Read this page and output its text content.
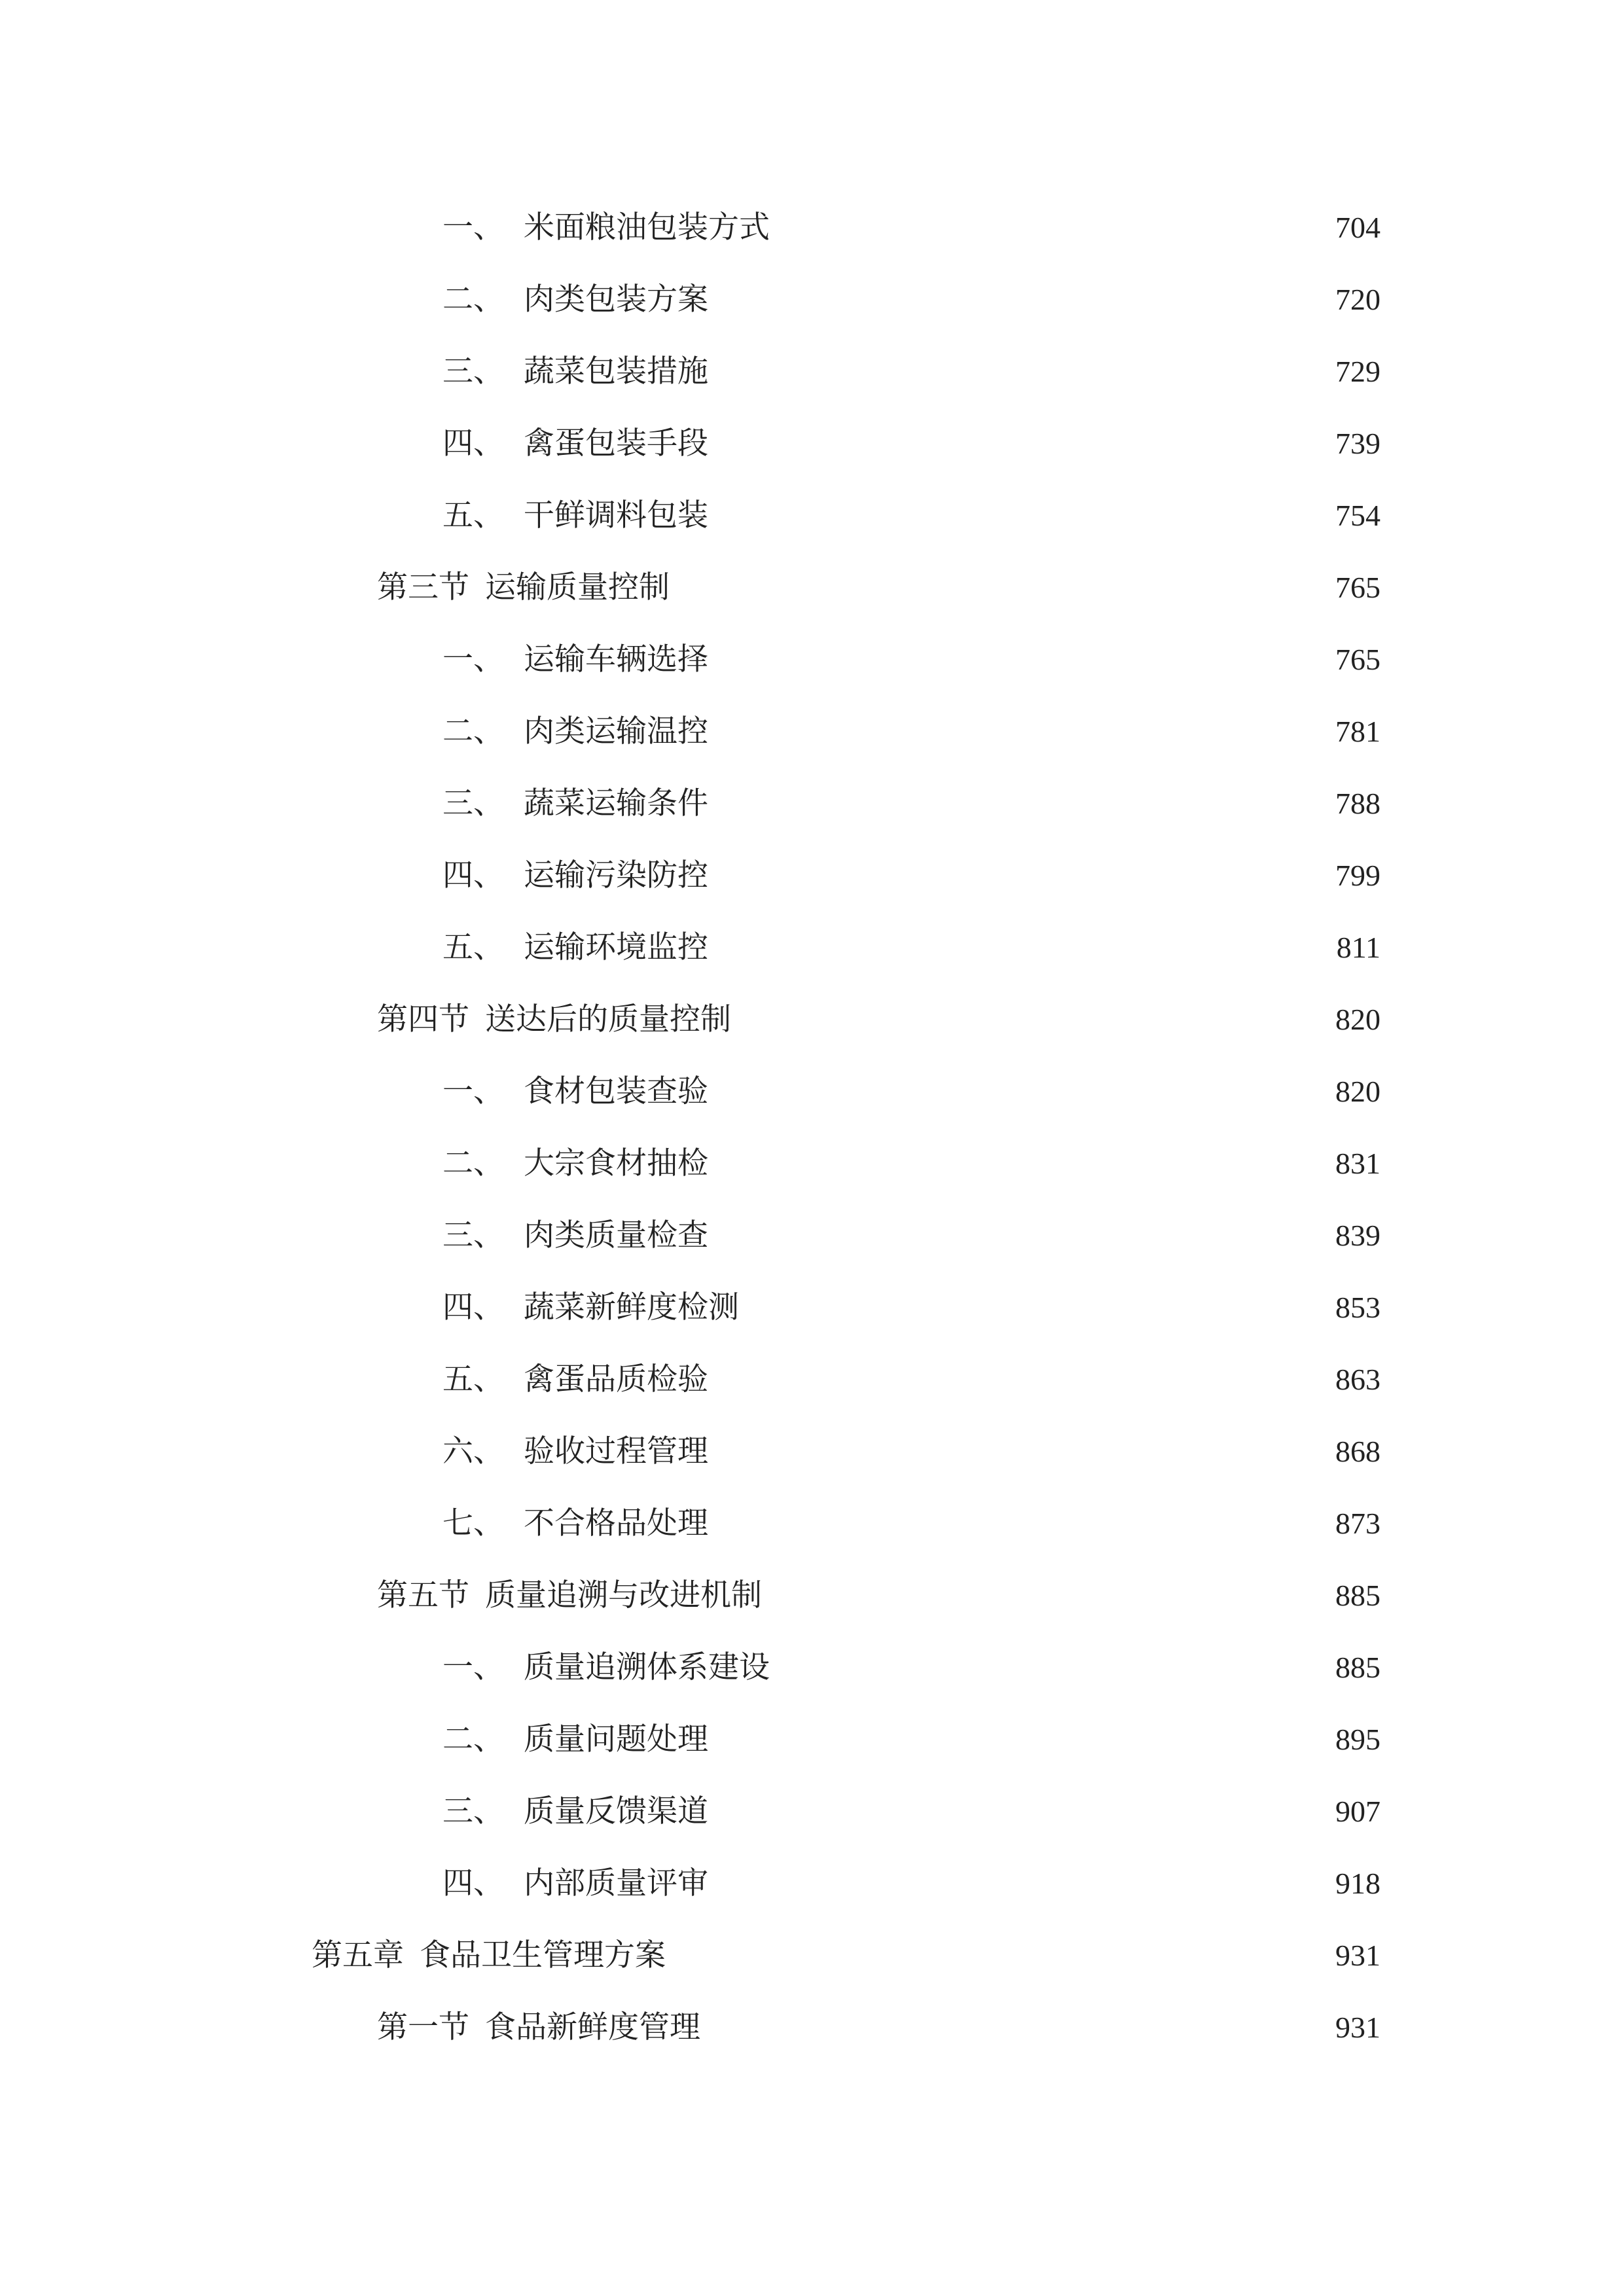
一、 米面粮油包装方式	704
二、 肉类包装方案	720
三、 蔬菜包装措施	729
四、 禽蛋包装手段	739
五、 干鲜调料包装	754
第三节 运输质量控制	765
一、 运输车辆选择	765
二、 肉类运输温控	781
三、 蔬菜运输条件	788
四、 运输污染防控	799
五、 运输环境监控	811
第四节 送达后的质量控制	820
一、 食材包装查验	820
二、 大宗食材抽检	831
三、 肉类质量检查	839
四、 蔬菜新鲜度检测	853
五、 禽蛋品质检验	863
六、 验收过程管理	868
七、 不合格品处理	873
第五节 质量追溯与改进机制	885
一、 质量追溯体系建设	885
二、 质量问题处理	895
三、 质量反馈渠道	907
四、 内部质量评审	918
第五章 食品卫生管理方案	931
第一节 食品新鲜度管理	931
